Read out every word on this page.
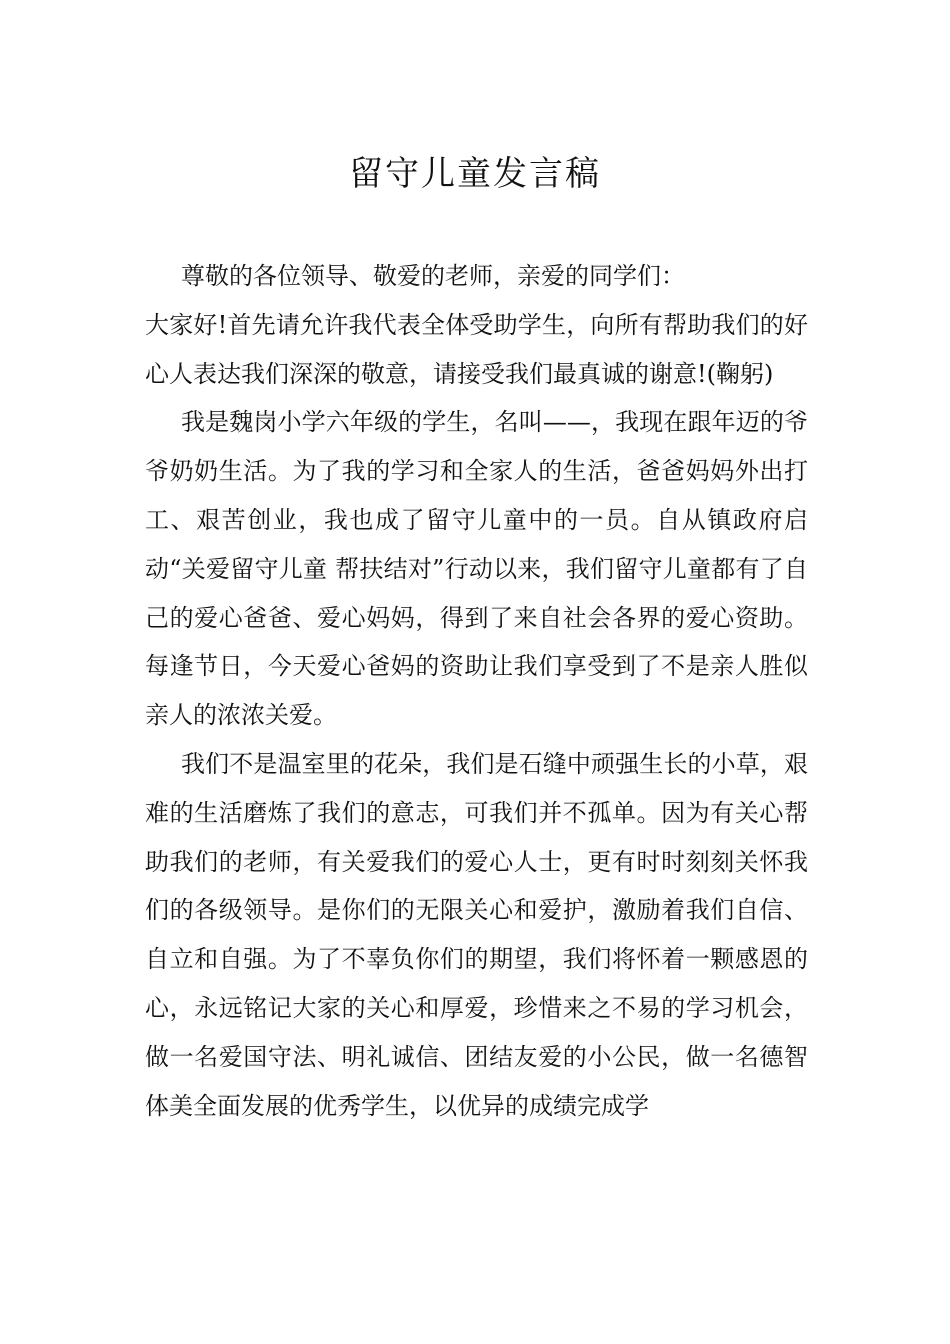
留守儿童发言稿

尊敬的各位领导、敬爱的老师，亲爱的同学们：

大家好!首先请允许我代表全体受助学生，向所有帮助我们的好心人表达我们深深的敬意，请接受我们最真诚的谢意!(鞠躬)

我是魏岗小学六年级的学生，名叫——，我现在跟年迈的爷爷奶奶生活。为了我的学习和全家人的生活，爸爸妈妈外出打工、艰苦创业，我也成了留守儿童中的一员。自从镇政府启动“关爱留守儿童 帮扶结对”行动以来，我们留守儿童都有了自己的爱心爸爸、爱心妈妈，得到了来自社会各界的爱心资助。每逢节日，今天爱心爸妈的资助让我们享受到了不是亲人胜似亲人的浓浓关爱。

我们不是温室里的花朵，我们是石缝中顽强生长的小草，艰难的生活磨炼了我们的意志，可我们并不孤单。因为有关心帮助我们的老师，有关爱我们的爱心人士，更有时时刻刻关怀我们的各级领导。是你们的无限关心和爱护，激励着我们自信、自立和自强。为了不辜负你们的期望，我们将怀着一颗感恩的心，永远铭记大家的关心和厚爱，珍惜来之不易的学习机会，做一名爱国守法、明礼诚信、团结友爱的小公民，做一名德智体美全面发展的优秀学生，以优异的成绩完成学
